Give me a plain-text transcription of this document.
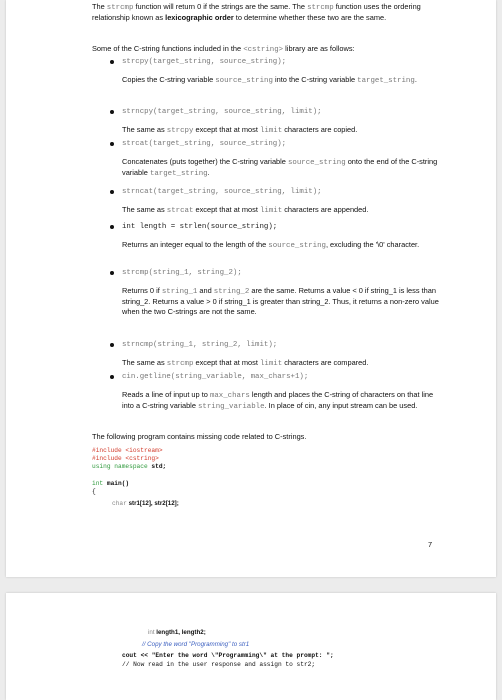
The strcmp function will return 0 if the strings are the same. The strcmp function uses the ordering relationship known as lexicographic order to determine whether these two are the same.

Some of the C-string functions included in the <cstring> library are as follows:

strcpy(target_string, source_string);

Copies the C-string variable source_string into the C-string variable target_string.

strncpy(target_string, source_string, limit);

The same as strcpy except that at most limit characters are copied.

strcat(target_string, source_string);

Concatenates (puts together) the C-string variable source_string onto the end of the C-string variable target_string.

strncat(target_string, source_string, limit);

The same as strcat except that at most limit characters are appended.

int length = strlen(source_string);

Returns an integer equal to the length of the source_string, excluding the '\0' character.

strcmp(string_1, string_2);

Returns 0 if string_1 and string_2 are the same. Returns a value < 0 if string_1 is less than string_2. Returns a value > 0 if string_1 is greater than string_2. Thus, it returns a non-zero value when the two C-strings are not the same.

strncmp(string_1, string_2, limit);

The same as strcmp except that at most limit characters are compared.

cin.getline(string_variable, max_chars+1);

Reads a line of input up to max_chars length and places the C-string of characters on that line into a C-string variable string_variable. In place of cin, any input stream can be used.

The following program contains missing code related to C-strings.

#include <iostream>
#include <cstring>
using namespace std;
int main()
{
char str1[12], str2[12];
7
int length1, length2;
// Copy the word "Programming" to str1
cout << "Enter the word \"Programming\" at the prompt: ";
// Now read in the user response and assign to str2;
